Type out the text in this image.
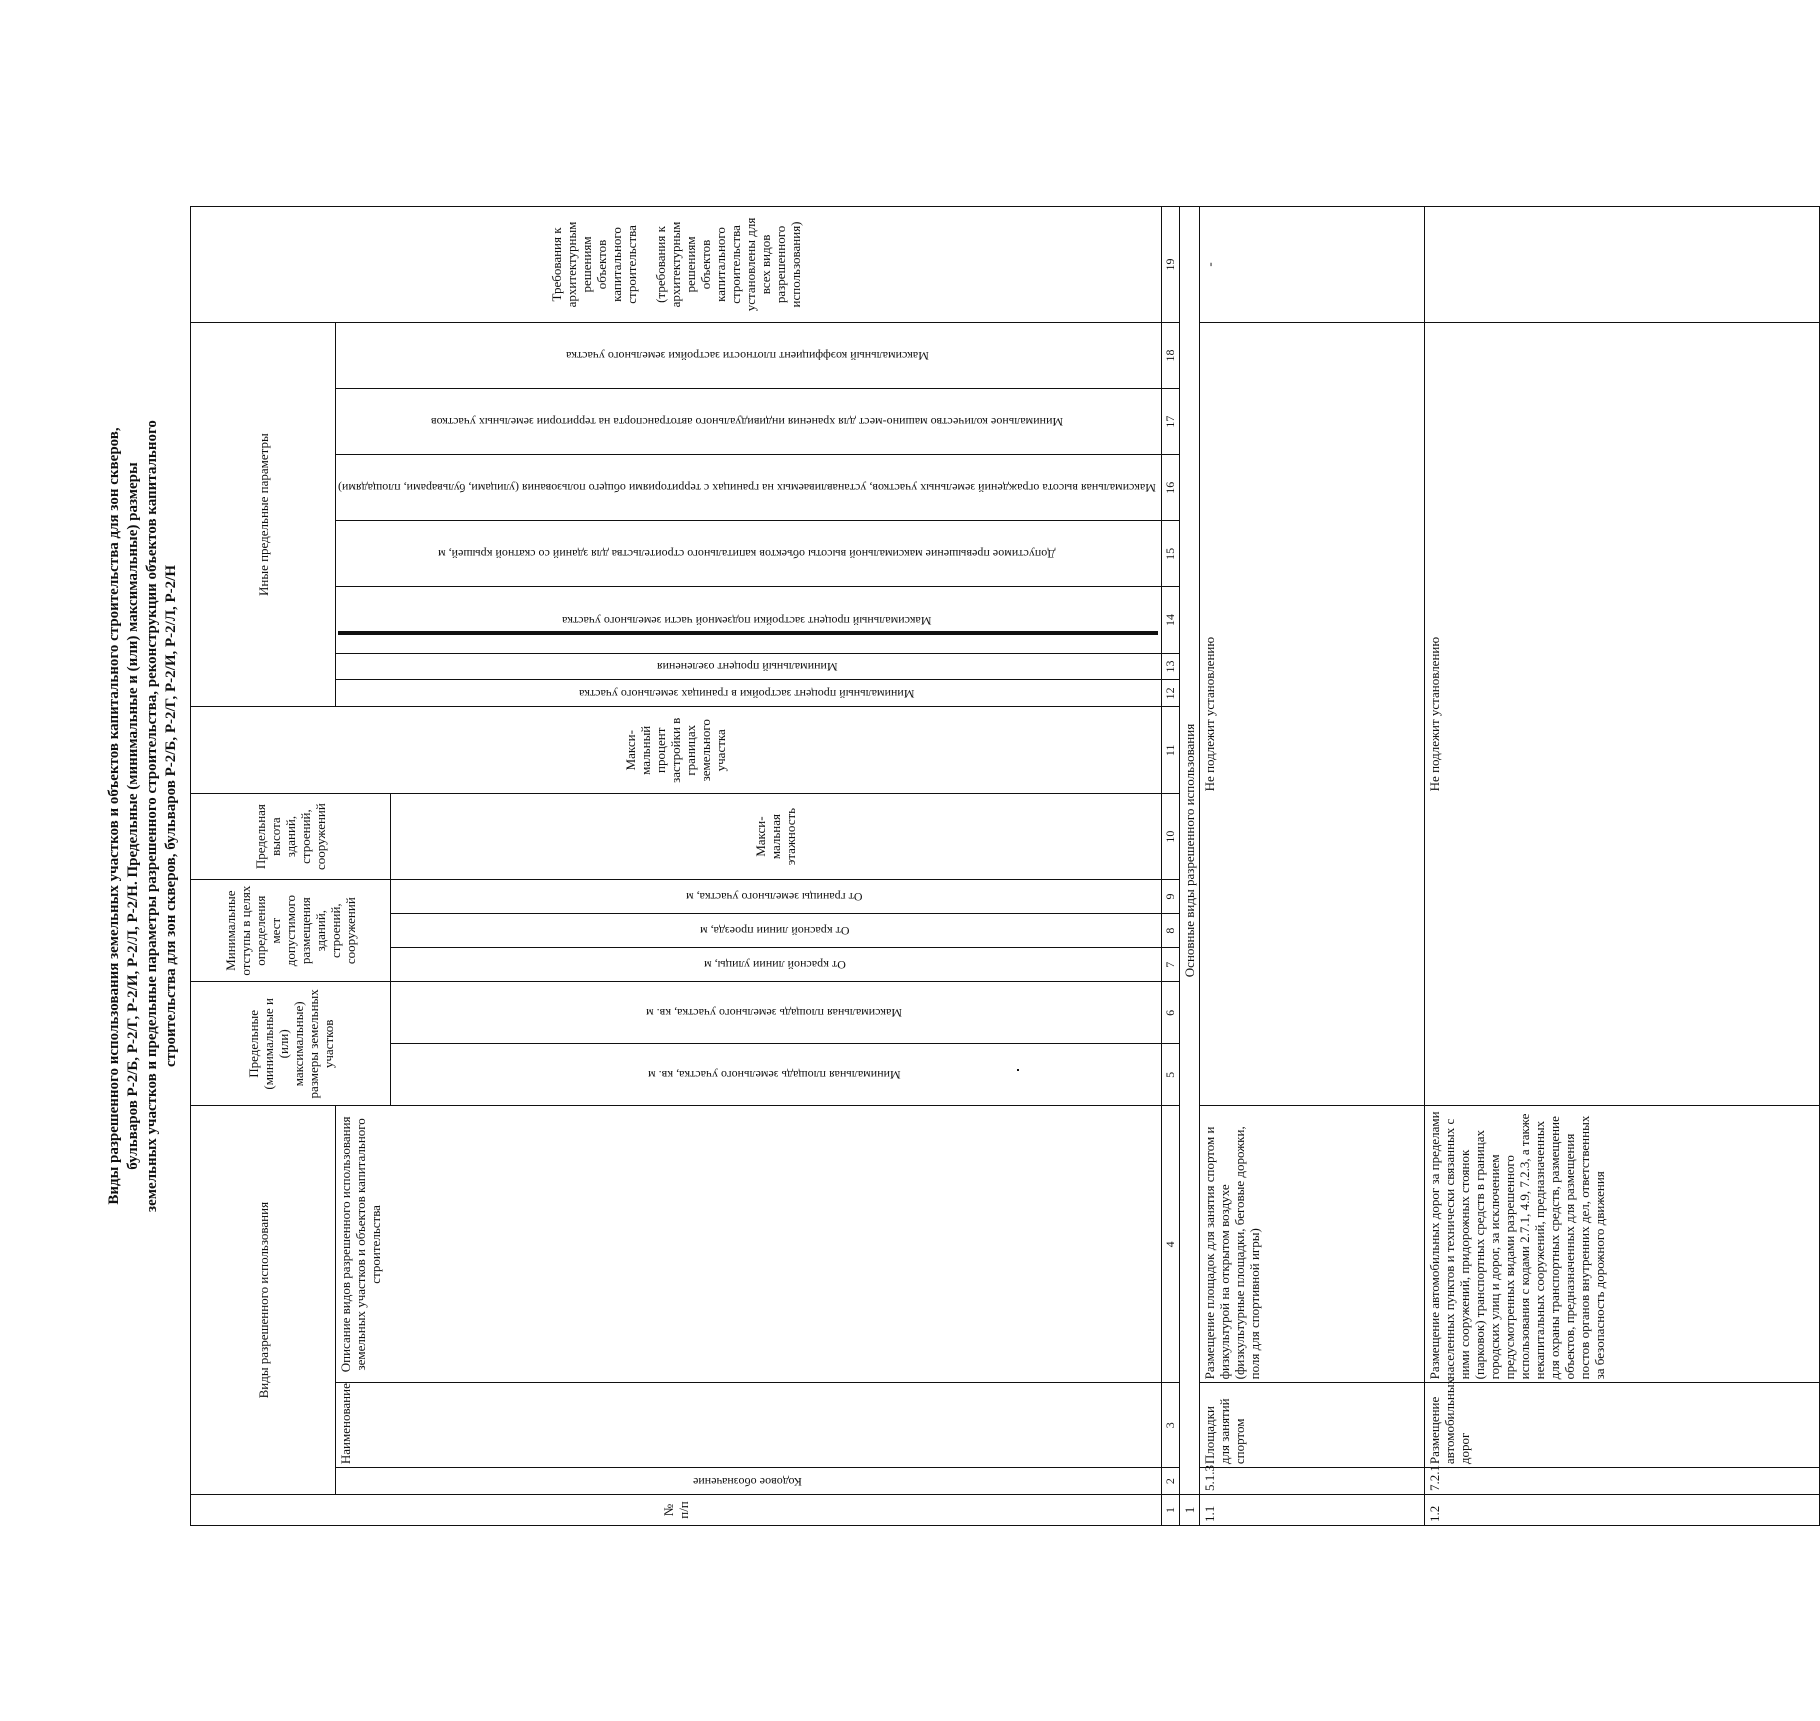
Виды разрешенного использования земельных участков и объектов капитального строительства для зон скверов, бульваров Р-2/Б, Р-2/Г, Р-2/И, Р-2/Л, Р-2/Н. Предельные (минимальные и (или) максимальные) размеры земельных участков и предельные параметры разрешенного строительства, реконструкции объектов капитального строительства для зон скверов, бульваров Р-2/Б, Р-2/Г, Р-2/И, Р-2/Л, Р-2/Н
№ п/п	Виды разрешенного использования			Предельные (минимальные и (или) максимальные) размеры земельных участков		Минимальные отступы в целях определения мест допустимого размещения зданий, строений, сооружений			Предельная высота зданий, строений, сооружений	Макси-мальный процент застройки в границах земельного участка	Иные предельные параметры							Требования к архитектурным решениям объектов капитального строительства (требования к архитектурным решениям объектов капитального строительства установлены для всех видов разрешенного использования)

	Кодовое обозначение	Наименование	Описание видов разрешенного использования земельных участков и объектов капитального строительства								Минимальный процент застройки в границах земельного участка	Минимальный процент озеленения	Максимальный процент застройки подземной части земельного участка	Допустимое превышение максимальной высоты объектов капитального строительства для зданий со скатной крышей, м	Максимальная высота ограждений земельных участков, устанавливаемых на границах с территориями общего пользования (улицами, бульварами, площадями)	Минимальное количество машино-мест для хранения индивидуального автотранспорта на территории земельных участков	Максимальный коэффициент плотности застройки земельного участка	
				Минимальная площадь земельного участка, кв. м	Максимальная площадь земельного участка, кв. м	От красной линии улицы, м	От красной линии проезда, м	От границы земельного участка, м	Макси-мальная этажность									
1	2	3	4	5	6	7	8	9	10	11	12	13	14	15	16	17	18	19
1	Основные виды разрешенного использования																	
1.1	5.1.3	Площадки для занятий спортом	Размещение площадок для занятия спортом и физкультурой на открытом воздухе (физкультурные площадки, беговые дорожки, поля для спортивной игры)	Не подлежит установлению														-
1.2	7.2.1	Размещение автомобильных дорог	Размещение автомобильных дорог за пределами населенных пунктов и технически связанных с ними сооружений, придорожных стоянок (парковок) транспортных средств в границах городских улиц и дорог, за исключением предусмотренных видами разрешенного использования с кодами 2.7.1, 4.9, 7.2.3, а также некапитальных сооружений, предназначенных для охраны транспортных средств, размещение объектов, предназначенных для размещения постов органов внутренних дел, ответственных за безопасность дорожного движения	Не подлежит установлению														
